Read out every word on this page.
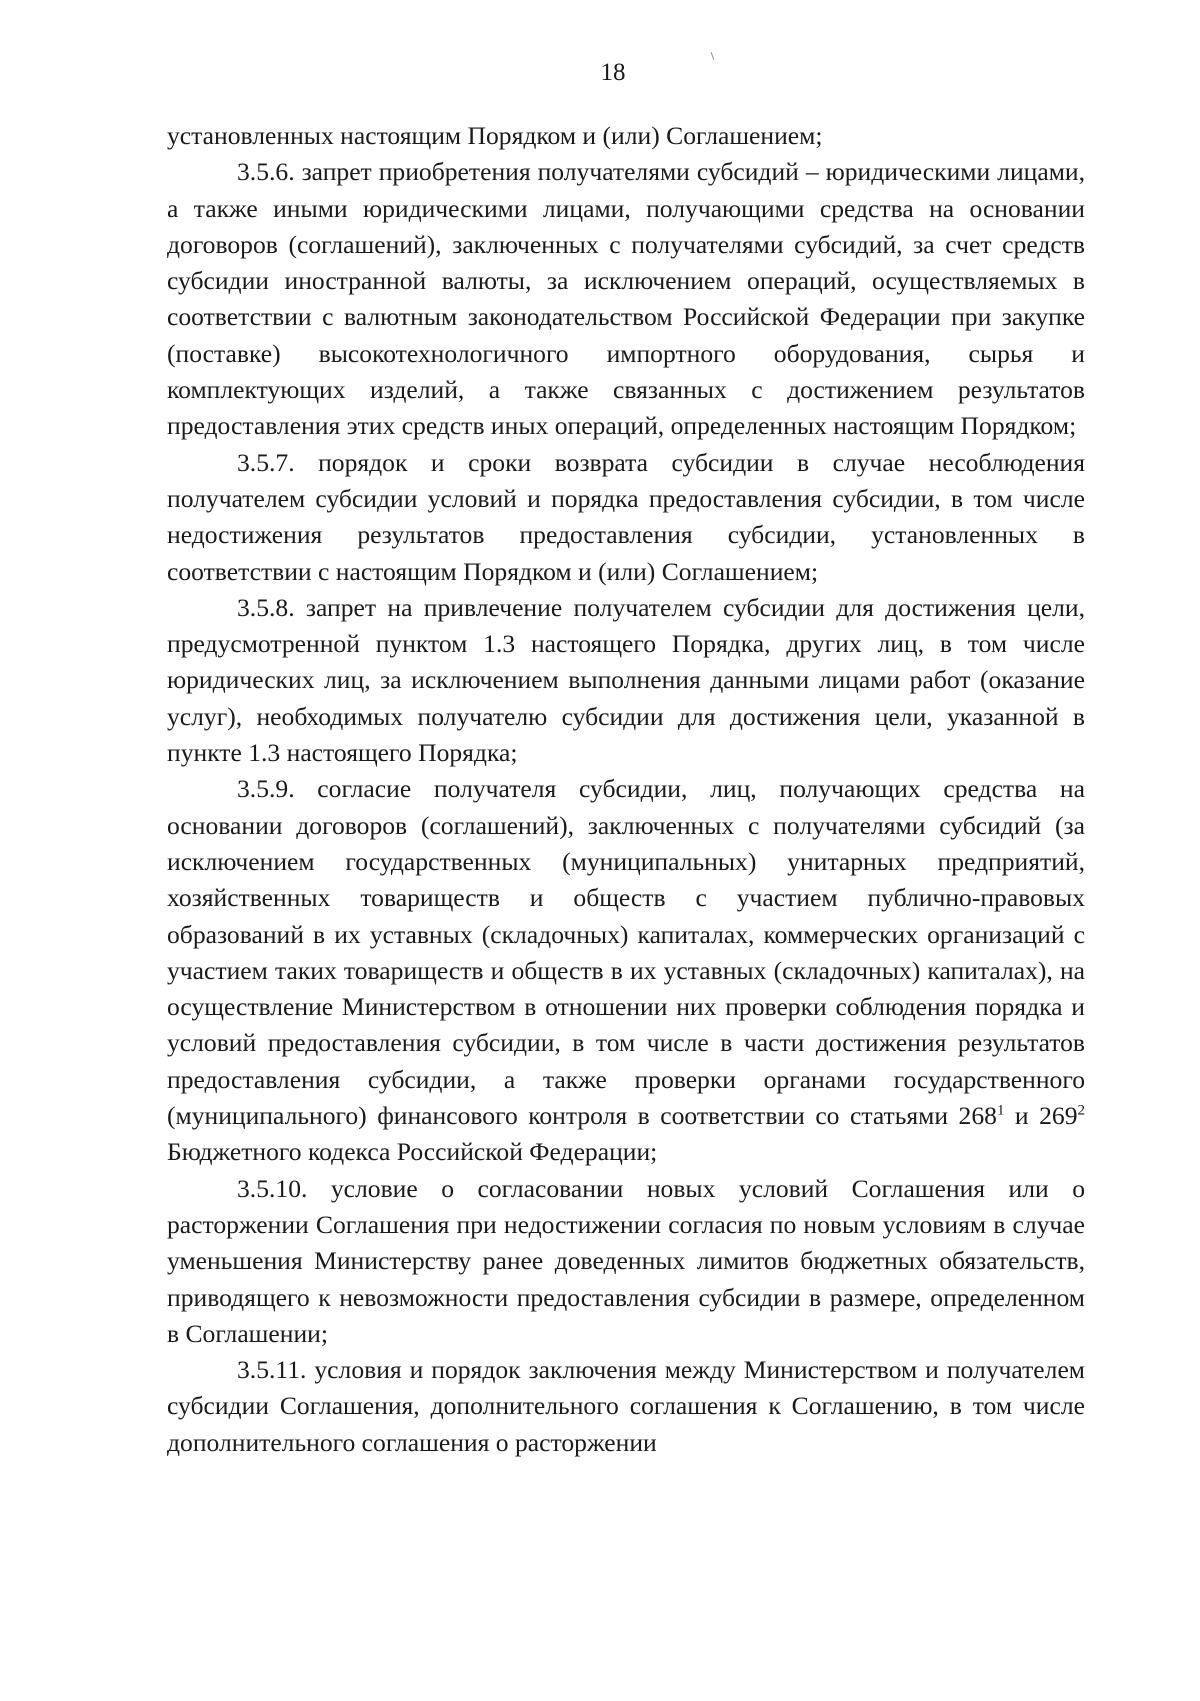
18

установленных настоящим Порядком и (или) Соглашением;

3.5.6. запрет приобретения получателями субсидий – юридическими лицами, а также иными юридическими лицами, получающими средства на основании договоров (соглашений), заключенных с получателями субсидий, за счет средств субсидии иностранной валюты, за исключением операций, осуществляемых в соответствии с валютным законодательством Российской Федерации при закупке (поставке) высокотехнологичного импортного оборудования, сырья и комплектующих изделий, а также связанных с достижением результатов предоставления этих средств иных операций, определенных настоящим Порядком;

3.5.7. порядок и сроки возврата субсидии в случае несоблюдения получателем субсидии условий и порядка предоставления субсидии, в том числе недостижения результатов предоставления субсидии, установленных в соответствии с настоящим Порядком и (или) Соглашением;

3.5.8. запрет на привлечение получателем субсидии для достижения цели, предусмотренной пунктом 1.3 настоящего Порядка, других лиц, в том числе юридических лиц, за исключением выполнения данными лицами работ (оказание услуг), необходимых получателю субсидии для достижения цели, указанной в пункте 1.3 настоящего Порядка;

3.5.9. согласие получателя субсидии, лиц, получающих средства на основании договоров (соглашений), заключенных с получателями субсидий (за исключением государственных (муниципальных) унитарных предприятий, хозяйственных товариществ и обществ с участием публично-правовых образований в их уставных (складочных) капиталах, коммерческих организаций с участием таких товариществ и обществ в их уставных (складочных) капиталах), на осуществление Министерством в отношении них проверки соблюдения порядка и условий предоставления субсидии, в том числе в части достижения результатов предоставления субсидии, а также проверки органами государственного (муниципального) финансового контроля в соответствии со статьями $268^1$ и $269^2$ Бюджетного кодекса Российской Федерации;

3.5.10. условие о согласовании новых условий Соглашения или о расторжении Соглашения при недостижении согласия по новым условиям в случае уменьшения Министерству ранее доведенных лимитов бюджетных обязательств, приводящего к невозможности предоставления субсидии в размере, определенном в Соглашении;

3.5.11. условия и порядок заключения между Министерством и получателем субсидии Соглашения, дополнительного соглашения к Соглашению, в том числе дополнительного соглашения о расторжении
